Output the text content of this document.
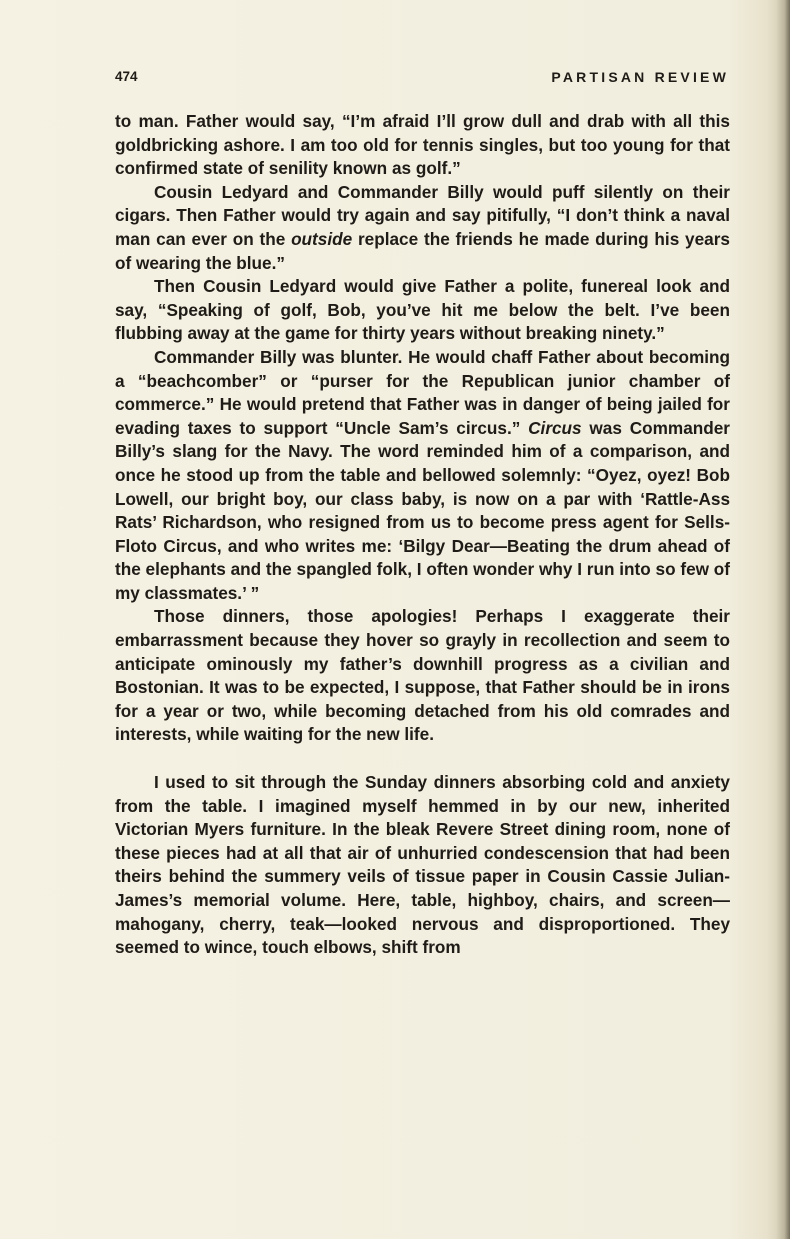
474	PARTISAN REVIEW

to man. Father would say, “I’m afraid I’ll grow dull and drab with all this goldbricking ashore. I am too old for tennis singles, but too young for that confirmed state of senility known as golf.”

Cousin Ledyard and Commander Billy would puff silently on their cigars. Then Father would try again and say pitifully, “I don’t think a naval man can ever on the outside replace the friends he made during his years of wearing the blue.”

Then Cousin Ledyard would give Father a polite, funereal look and say, “Speaking of golf, Bob, you’ve hit me below the belt. I’ve been flubbing away at the game for thirty years without breaking ninety.”

Commander Billy was blunter. He would chaff Father about becoming a “beachcomber” or “purser for the Republican junior chamber of commerce.” He would pretend that Father was in danger of being jailed for evading taxes to support “Uncle Sam’s circus.” Circus was Commander Billy’s slang for the Navy. The word reminded him of a comparison, and once he stood up from the table and bellowed solemnly: “Oyez, oyez! Bob Lowell, our bright boy, our class baby, is now on a par with ‘Rattle-Ass Rats’ Richardson, who resigned from us to become press agent for Sells-Floto Circus, and who writes me: ‘Bilgy Dear—Beating the drum ahead of the elephants and the spangled folk, I often wonder why I run into so few of my classmates.’ ”

Those dinners, those apologies! Perhaps I exaggerate their embarrassment because they hover so grayly in recollection and seem to anticipate ominously my father’s downhill progress as a civilian and Bostonian. It was to be expected, I suppose, that Father should be in irons for a year or two, while becoming detached from his old comrades and interests, while waiting for the new life.

I used to sit through the Sunday dinners absorbing cold and anxiety from the table. I imagined myself hemmed in by our new, inherited Victorian Myers furniture. In the bleak Revere Street dining room, none of these pieces had at all that air of unhurried condescension that had been theirs behind the summery veils of tissue paper in Cousin Cassie Julian-James’s memorial volume. Here, table, highboy, chairs, and screen—mahogany, cherry, teak—looked nervous and disproportioned. They seemed to wince, touch elbows, shift from
